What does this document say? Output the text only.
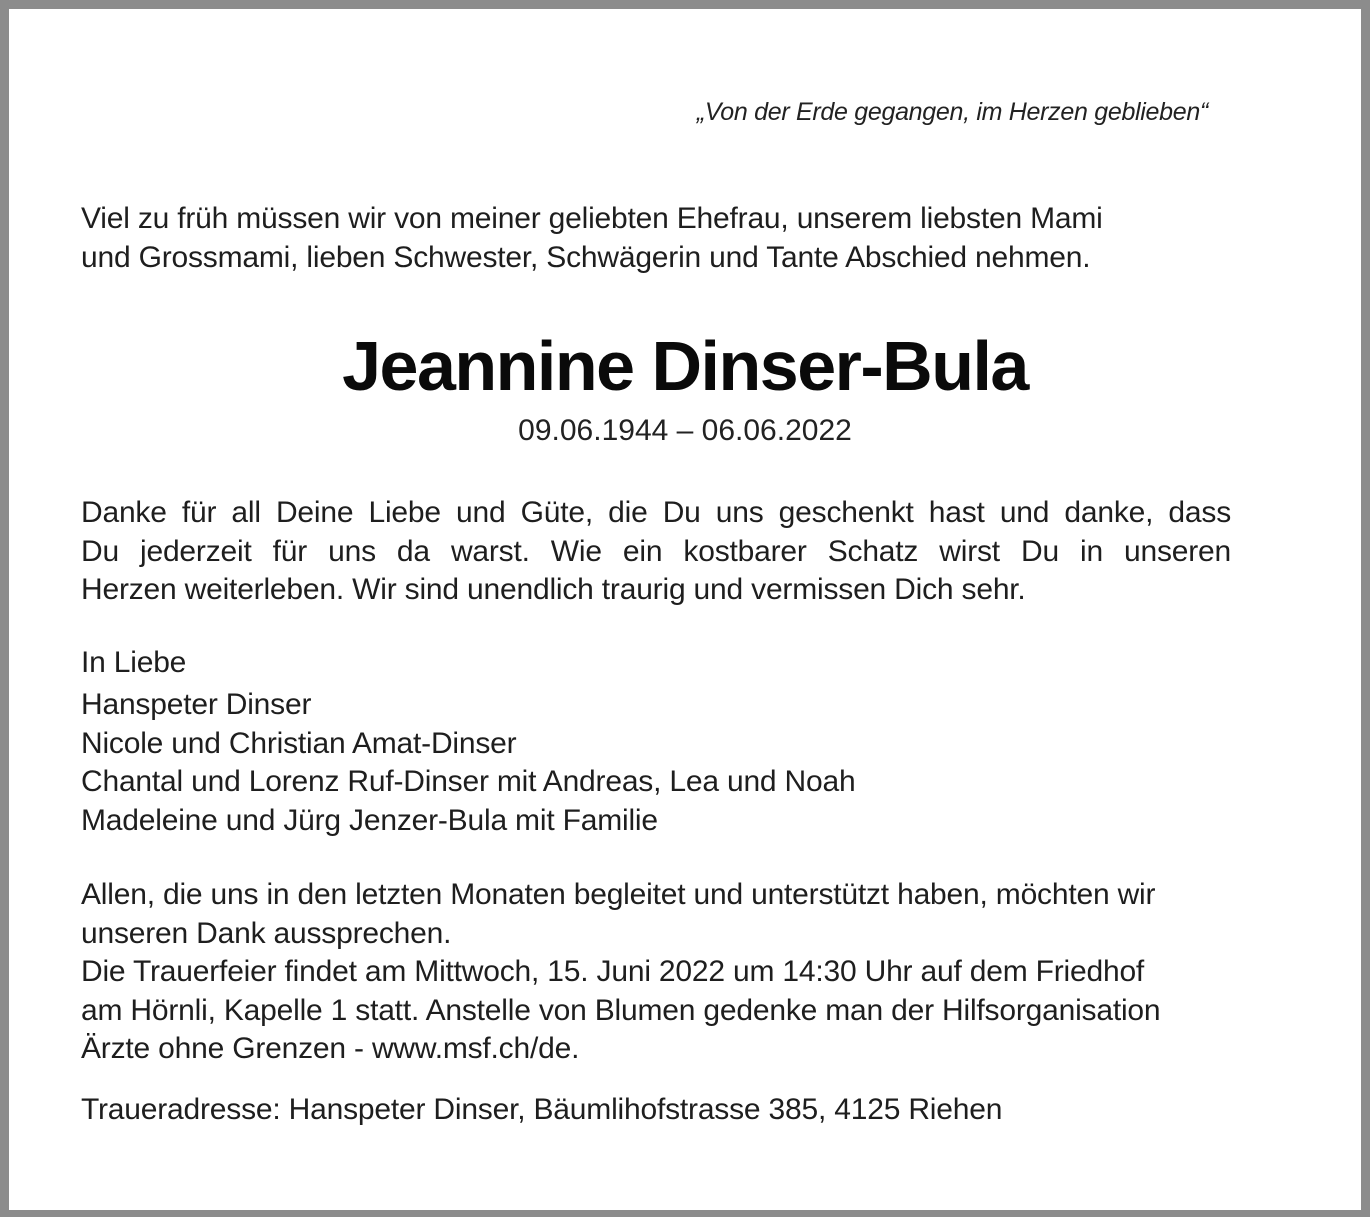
„Von der Erde gegangen, im Herzen geblieben“
Viel zu früh müssen wir von meiner geliebten Ehefrau, unserem liebsten Mami
und Grossmami, lieben Schwester, Schwägerin und Tante Abschied nehmen.
Jeannine Dinser-Bula
09.06.1944 – 06.06.2022
Danke für all Deine Liebe und Güte, die Du uns geschenkt hast und danke, dass
Du jederzeit für uns da warst. Wie ein kostbarer Schatz wirst Du in unseren
Herzen weiterleben. Wir sind unendlich traurig und vermissen Dich sehr.
In Liebe
Hanspeter Dinser
Nicole und Christian Amat-Dinser
Chantal und Lorenz Ruf-Dinser mit Andreas, Lea und Noah
Madeleine und Jürg Jenzer-Bula mit Familie
Allen, die uns in den letzten Monaten begleitet und unterstützt haben, möchten wir
unseren Dank aussprechen.
Die Trauerfeier findet am Mittwoch, 15. Juni 2022 um 14:30 Uhr auf dem Friedhof
am Hörnli, Kapelle 1 statt. Anstelle von Blumen gedenke man der Hilfsorganisation
Ärzte ohne Grenzen - www.msf.ch/de.
Traueradresse: Hanspeter Dinser, Bäumlihofstrasse 385, 4125 Riehen
